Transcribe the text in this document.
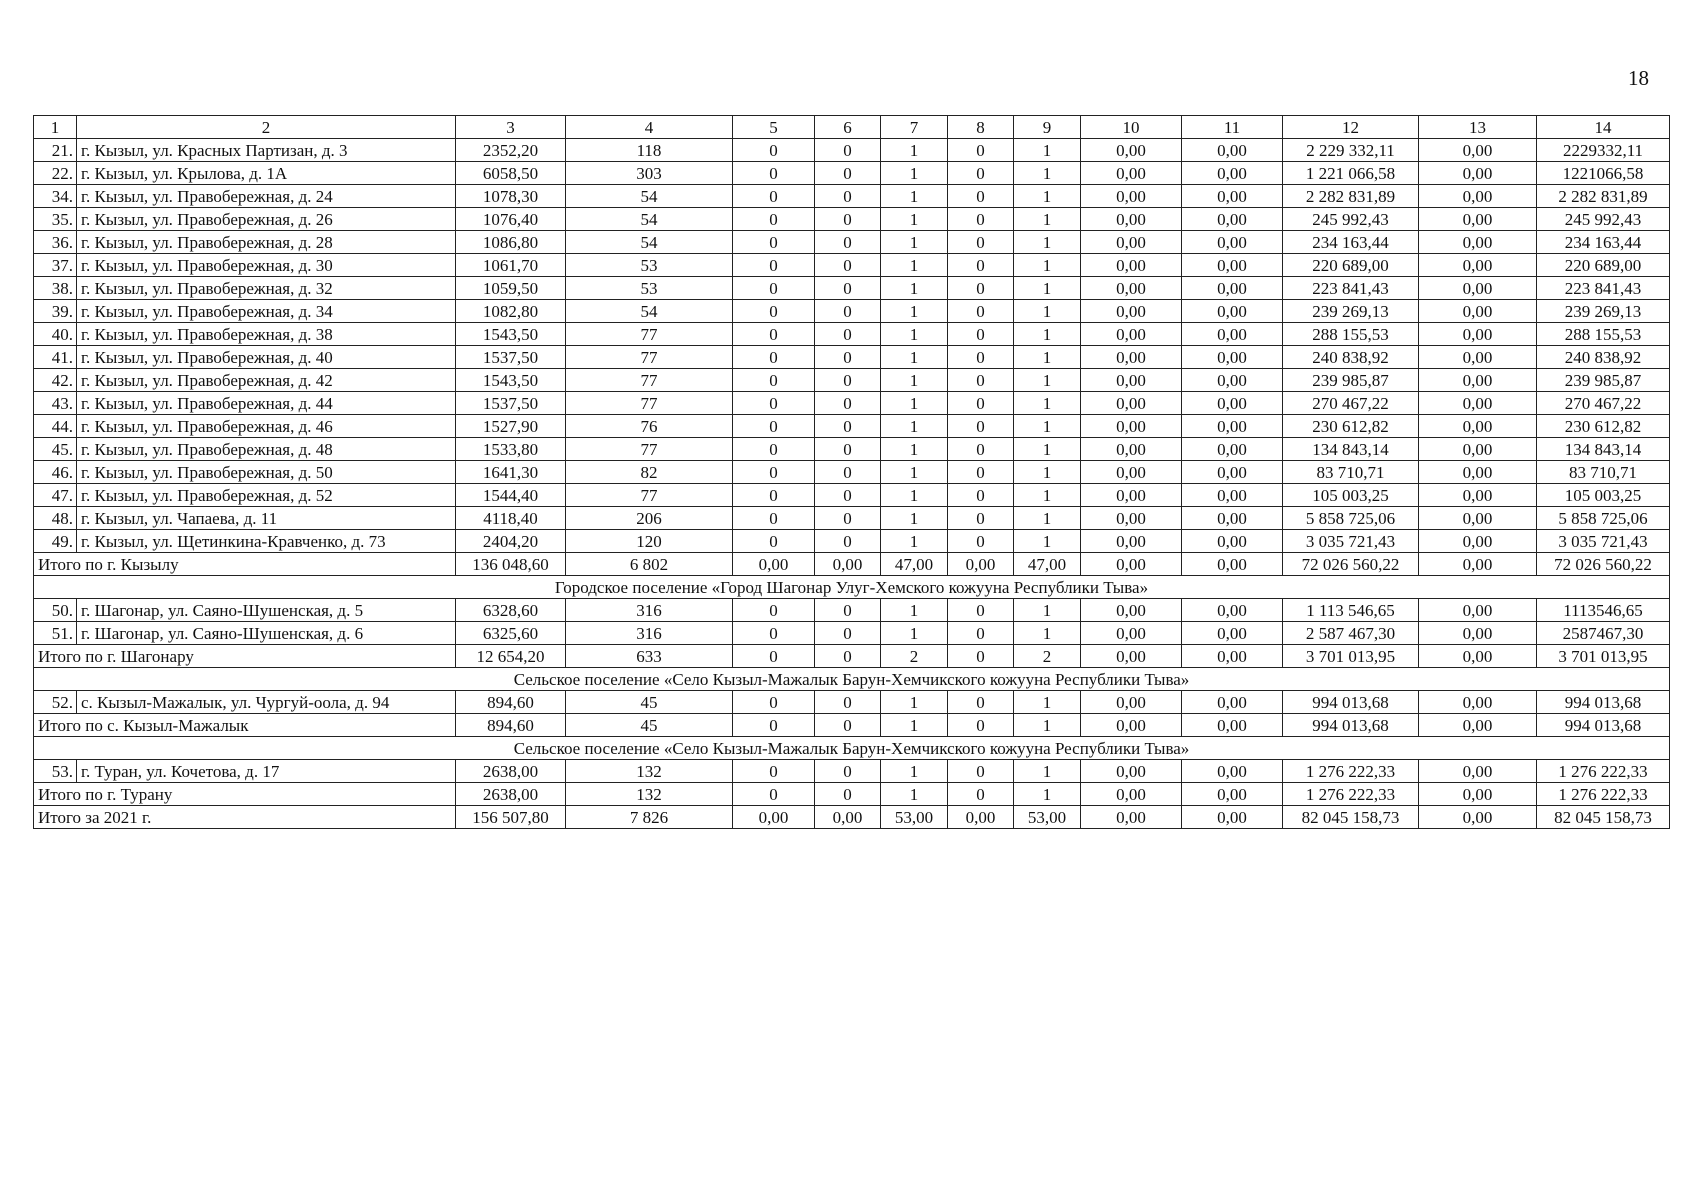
18
1	2	3	4	5	6	7	8	9	10	11	12	13	14
21.	г. Кызыл, ул. Красных Партизан, д. 3	2352,20	118	0	0	1	0	1	0,00	0,00	2 229 332,11	0,00	2229332,11
22.	г. Кызыл, ул. Крылова, д. 1А	6058,50	303	0	0	1	0	1	0,00	0,00	1 221 066,58	0,00	1221066,58
34.	г. Кызыл, ул. Правобережная, д. 24	1078,30	54	0	0	1	0	1	0,00	0,00	2 282 831,89	0,00	2 282 831,89
35.	г. Кызыл, ул. Правобережная, д. 26	1076,40	54	0	0	1	0	1	0,00	0,00	245 992,43	0,00	245 992,43
36.	г. Кызыл, ул. Правобережная, д. 28	1086,80	54	0	0	1	0	1	0,00	0,00	234 163,44	0,00	234 163,44
37.	г. Кызыл, ул. Правобережная, д. 30	1061,70	53	0	0	1	0	1	0,00	0,00	220 689,00	0,00	220 689,00
38.	г. Кызыл, ул. Правобережная, д. 32	1059,50	53	0	0	1	0	1	0,00	0,00	223 841,43	0,00	223 841,43
39.	г. Кызыл, ул. Правобережная, д. 34	1082,80	54	0	0	1	0	1	0,00	0,00	239 269,13	0,00	239 269,13
40.	г. Кызыл, ул. Правобережная, д. 38	1543,50	77	0	0	1	0	1	0,00	0,00	288 155,53	0,00	288 155,53
41.	г. Кызыл, ул. Правобережная, д. 40	1537,50	77	0	0	1	0	1	0,00	0,00	240 838,92	0,00	240 838,92
42.	г. Кызыл, ул. Правобережная, д. 42	1543,50	77	0	0	1	0	1	0,00	0,00	239 985,87	0,00	239 985,87
43.	г. Кызыл, ул. Правобережная, д. 44	1537,50	77	0	0	1	0	1	0,00	0,00	270 467,22	0,00	270 467,22
44.	г. Кызыл, ул. Правобережная, д. 46	1527,90	76	0	0	1	0	1	0,00	0,00	230 612,82	0,00	230 612,82
45.	г. Кызыл, ул. Правобережная, д. 48	1533,80	77	0	0	1	0	1	0,00	0,00	134 843,14	0,00	134 843,14
46.	г. Кызыл, ул. Правобережная, д. 50	1641,30	82	0	0	1	0	1	0,00	0,00	83 710,71	0,00	83 710,71
47.	г. Кызыл, ул. Правобережная, д. 52	1544,40	77	0	0	1	0	1	0,00	0,00	105 003,25	0,00	105 003,25
48.	г. Кызыл, ул. Чапаева, д. 11	4118,40	206	0	0	1	0	1	0,00	0,00	5 858 725,06	0,00	5 858 725,06
49.	г. Кызыл, ул. Щетинкина-Кравченко, д. 73	2404,20	120	0	0	1	0	1	0,00	0,00	3 035 721,43	0,00	3 035 721,43
Итого по г. Кызылу		136 048,60	6 802	0,00	0,00	47,00	0,00	47,00	0,00	0,00	72 026 560,22	0,00	72 026 560,22
Городское поселение «Город Шагонар Улуг-Хемского кожууна Республики Тыва»													
50.	г. Шагонар, ул. Саяно-Шушенская, д. 5	6328,60	316	0	0	1	0	1	0,00	0,00	1 113 546,65	0,00	1113546,65
51.	г. Шагонар, ул. Саяно-Шушенская, д. 6	6325,60	316	0	0	1	0	1	0,00	0,00	2 587 467,30	0,00	2587467,30
Итого по г. Шагонару		12 654,20	633	0	0	2	0	2	0,00	0,00	3 701 013,95	0,00	3 701 013,95
Сельское поселение «Село Кызыл-Мажалык Барун-Хемчикского кожууна Республики Тыва»													
52.	с. Кызыл-Мажалык, ул. Чургуй-оола, д. 94	894,60	45	0	0	1	0	1	0,00	0,00	994 013,68	0,00	994 013,68
Итого по с. Кызыл-Мажалык		894,60	45	0	0	1	0	1	0,00	0,00	994 013,68	0,00	994 013,68
Сельское поселение «Село Кызыл-Мажалык Барун-Хемчикского кожууна Республики Тыва»													
53.	г. Туран, ул. Кочетова, д. 17	2638,00	132	0	0	1	0	1	0,00	0,00	1 276 222,33	0,00	1 276 222,33
Итого по г. Турану		2638,00	132	0	0	1	0	1	0,00	0,00	1 276 222,33	0,00	1 276 222,33
Итого за 2021 г.		156 507,80	7 826	0,00	0,00	53,00	0,00	53,00	0,00	0,00	82 045 158,73	0,00	82 045 158,73
